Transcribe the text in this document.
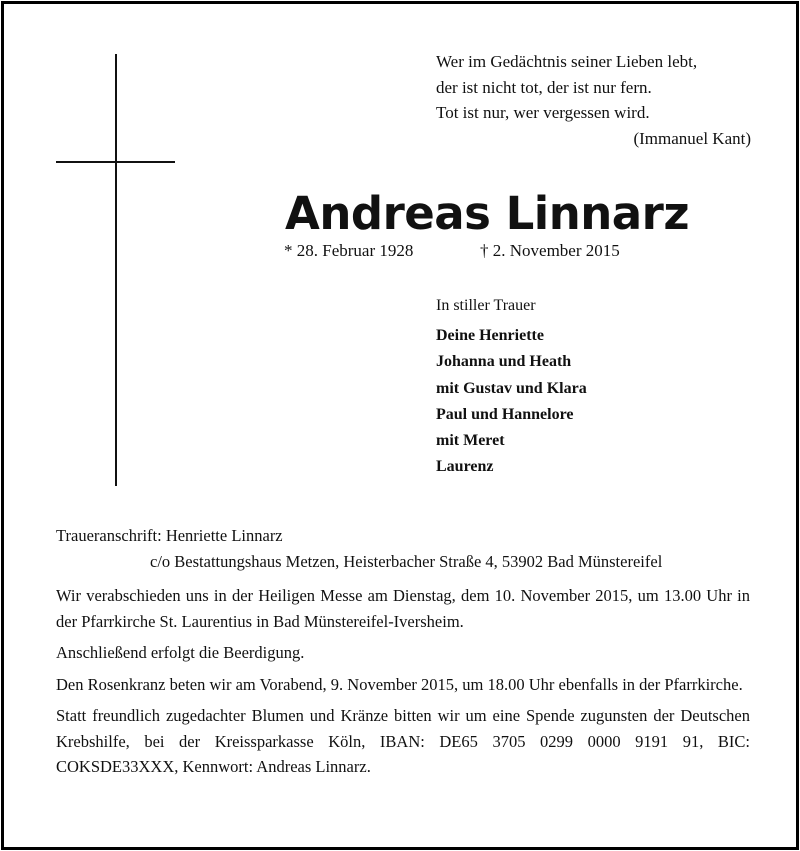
Wer im Gedächtnis seiner Lieben lebt,
der ist nicht tot, der ist nur fern.
Tot ist nur, wer vergessen wird.
(Immanuel Kant)
Andreas Linnarz
* 28. Februar 1928	† 2. November 2015
In stiller Trauer
Deine Henriette
Johanna und Heath
mit Gustav und Klara
Paul und Hannelore
mit Meret
Laurenz
Traueranschrift: Henriette Linnarz
c/o Bestattungshaus Metzen, Heisterbacher Straße 4, 53902 Bad Münstereifel
Wir verabschieden uns in der Heiligen Messe am Dienstag, dem 10. November 2015, um 13.00 Uhr in der Pfarrkirche St. Laurentius in Bad Münstereifel-Iversheim.
Anschließend erfolgt die Beerdigung.
Den Rosenkranz beten wir am Vorabend, 9. November 2015, um 18.00 Uhr ebenfalls in der Pfarrkirche.
Statt freundlich zugedachter Blumen und Kränze bitten wir um eine Spende zugunsten der Deutschen Krebshilfe, bei der Kreissparkasse Köln, IBAN: DE65 3705 0299 0000 9191 91, BIC: COKSDE33XXX, Kennwort: Andreas Linnarz.
